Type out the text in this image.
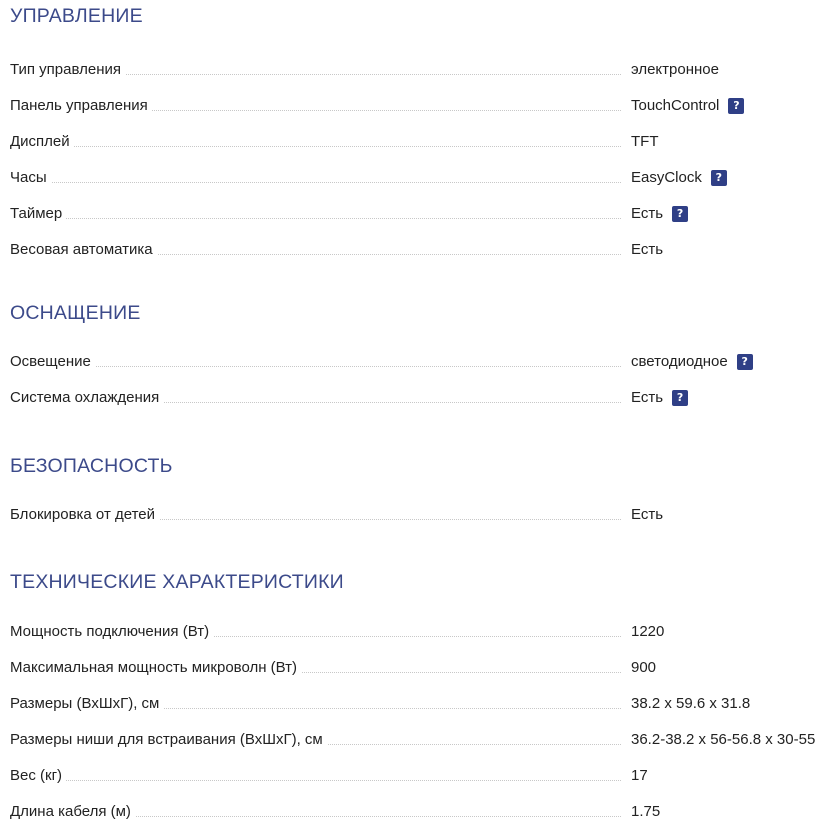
УПРАВЛЕНИЕ
Тип управления	электронное
Панель управления	TouchControl	?
Дисплей	TFT
Часы	EasyClock	?
Таймер	Есть	?
Весовая автоматика	Есть
ОСНАЩЕНИЕ
Освещение	светодиодное	?
Система охлаждения	Есть	?
БЕЗОПАСНОСТЬ
Блокировка от детей	Есть
ТЕХНИЧЕСКИЕ ХАРАКТЕРИСТИКИ
Мощность подключения (Вт)	1220
Максимальная мощность микроволн (Вт)	900
Размеры (ВхШхГ), см	38.2 x 59.6 x 31.8
Размеры ниши для встраивания (ВхШхГ), см	36.2-38.2 x 56-56.8 x 30-55
Вес (кг)	17
Длина кабеля (м)	1.75
